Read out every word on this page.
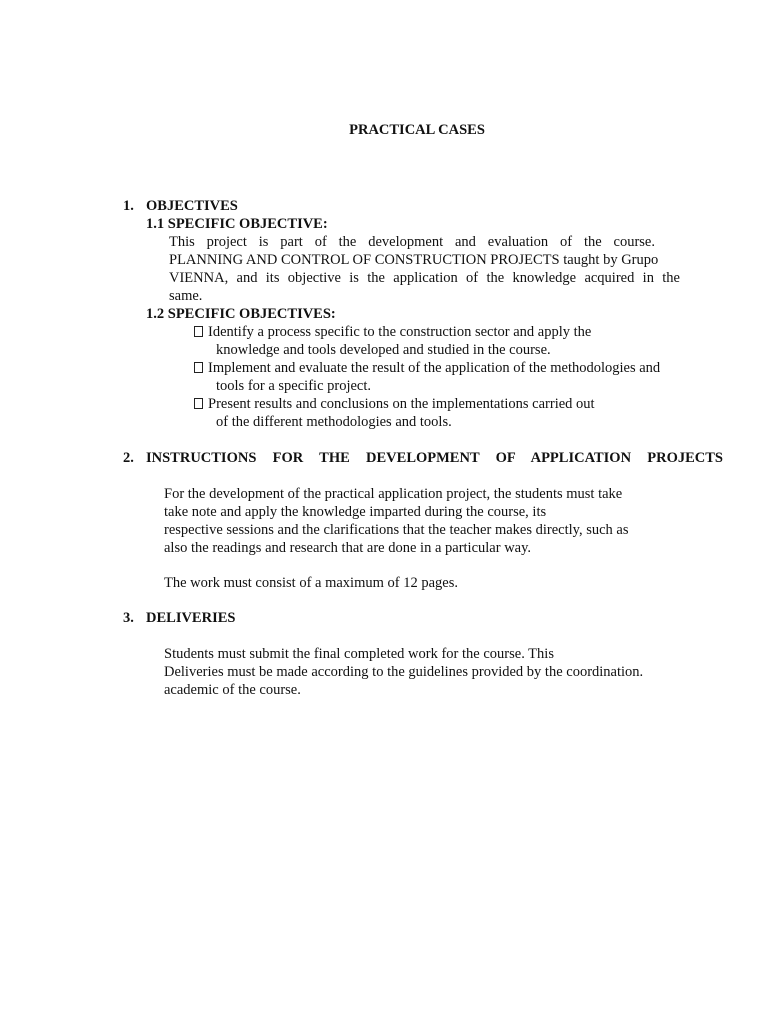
PRACTICAL CASES
1. OBJECTIVES
1.1 SPECIFIC OBJECTIVE:
This project is part of the development and evaluation of the course.
PLANNING AND CONTROL OF CONSTRUCTION PROJECTS taught by Grupo
VIENNA, and its objective is the application of the knowledge acquired in the
same.
1.2 SPECIFIC OBJECTIVES:
Identify a process specific to the construction sector and apply the
knowledge and tools developed and studied in the course.
Implement and evaluate the result of the application of the methodologies and
tools for a specific project.
Present results and conclusions on the implementations carried out
of the different methodologies and tools.
2. INSTRUCTIONS FOR THE DEVELOPMENT OF APPLICATION PROJECTS
For the development of the practical application project, the students must take
take note and apply the knowledge imparted during the course, its
respective sessions and the clarifications that the teacher makes directly, such as
also the readings and research that are done in a particular way.
The work must consist of a maximum of 12 pages.
3. DELIVERIES
Students must submit the final completed work for the course. This
Deliveries must be made according to the guidelines provided by the coordination.
academic of the course.
